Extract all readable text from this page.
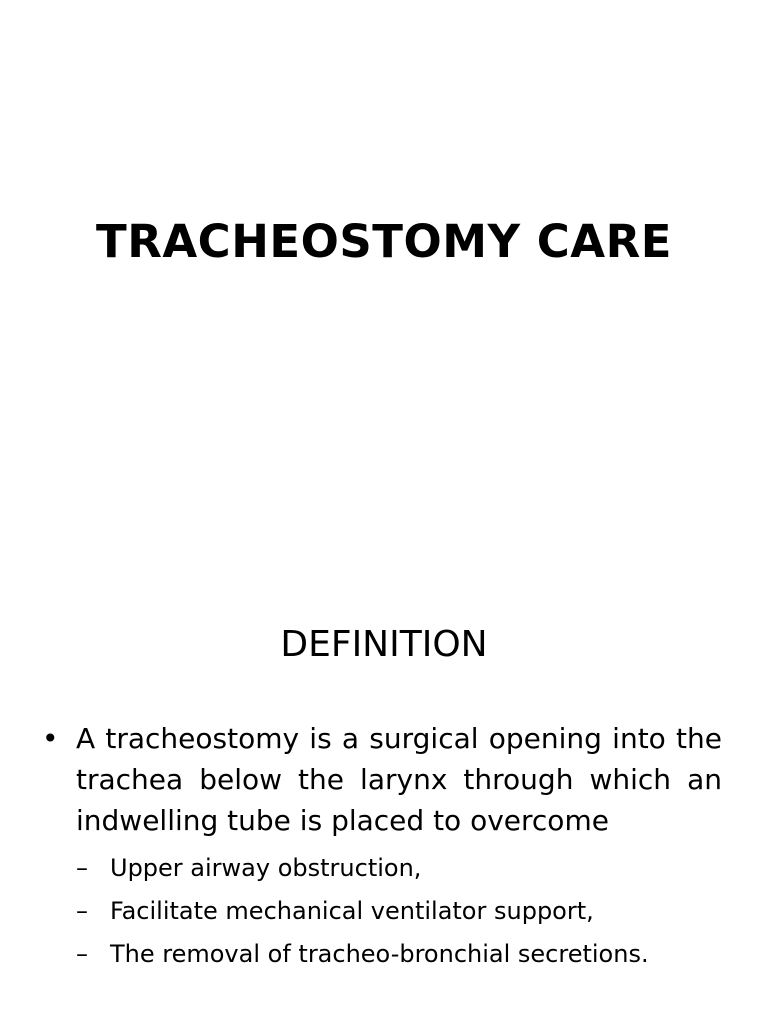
TRACHEOSTOMY CARE
DEFINITION
• A tracheostomy is a surgical opening into the trachea below the larynx through which an indwelling tube is placed to overcome
– Upper airway obstruction,
– Facilitate mechanical ventilator support,
– The removal of tracheo-bronchial secretions.
